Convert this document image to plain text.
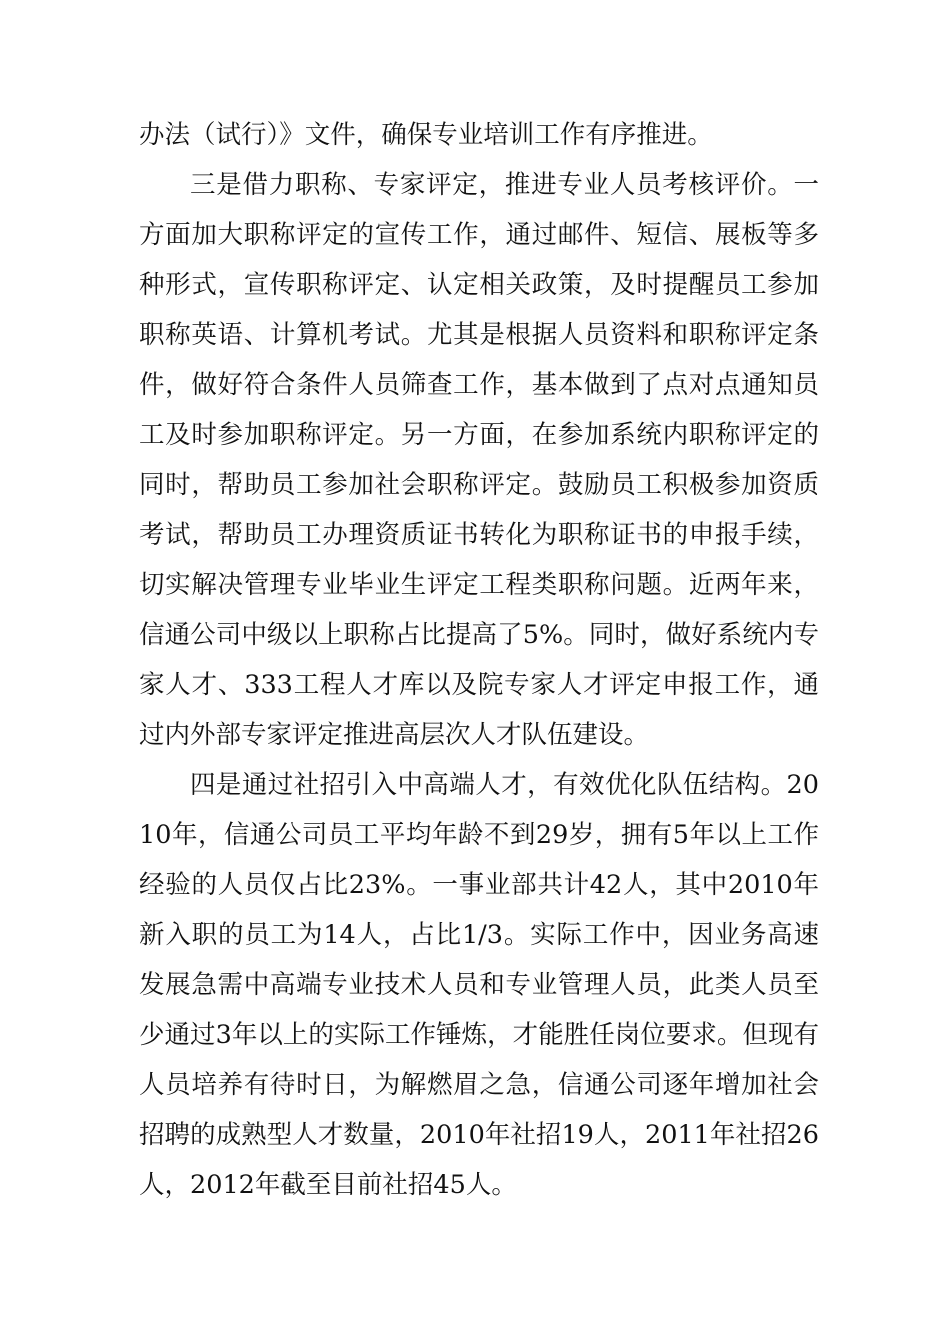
办法（试行）》文件，确保专业培训工作有序推进。

三是借力职称、专家评定，推进专业人员考核评价。一方面加大职称评定的宣传工作，通过邮件、短信、展板等多种形式，宣传职称评定、认定相关政策，及时提醒员工参加职称英语、计算机考试。尤其是根据人员资料和职称评定条件，做好符合条件人员筛查工作，基本做到了点对点通知员工及时参加职称评定。另一方面，在参加系统内职称评定的同时，帮助员工参加社会职称评定。鼓励员工积极参加资质考试，帮助员工办理资质证书转化为职称证书的申报手续，切实解决管理专业毕业生评定工程类职称问题。近两年来，信通公司中级以上职称占比提高了5%。同时，做好系统内专家人才、333工程人才库以及院专家人才评定申报工作，通过内外部专家评定推进高层次人才队伍建设。

四是通过社招引入中高端人才，有效优化队伍结构。2010年，信通公司员工平均年龄不到29岁，拥有5年以上工作经验的人员仅占比23%。一事业部共计42人，其中2010年新入职的员工为14人，占比1/3。实际工作中，因业务高速发展急需中高端专业技术人员和专业管理人员，此类人员至少通过3年以上的实际工作锤炼，才能胜任岗位要求。但现有人员培养有待时日，为解燃眉之急，信通公司逐年增加社会招聘的成熟型人才数量，2010年社招19人，2011年社招26人，2012年截至目前社招45人。
